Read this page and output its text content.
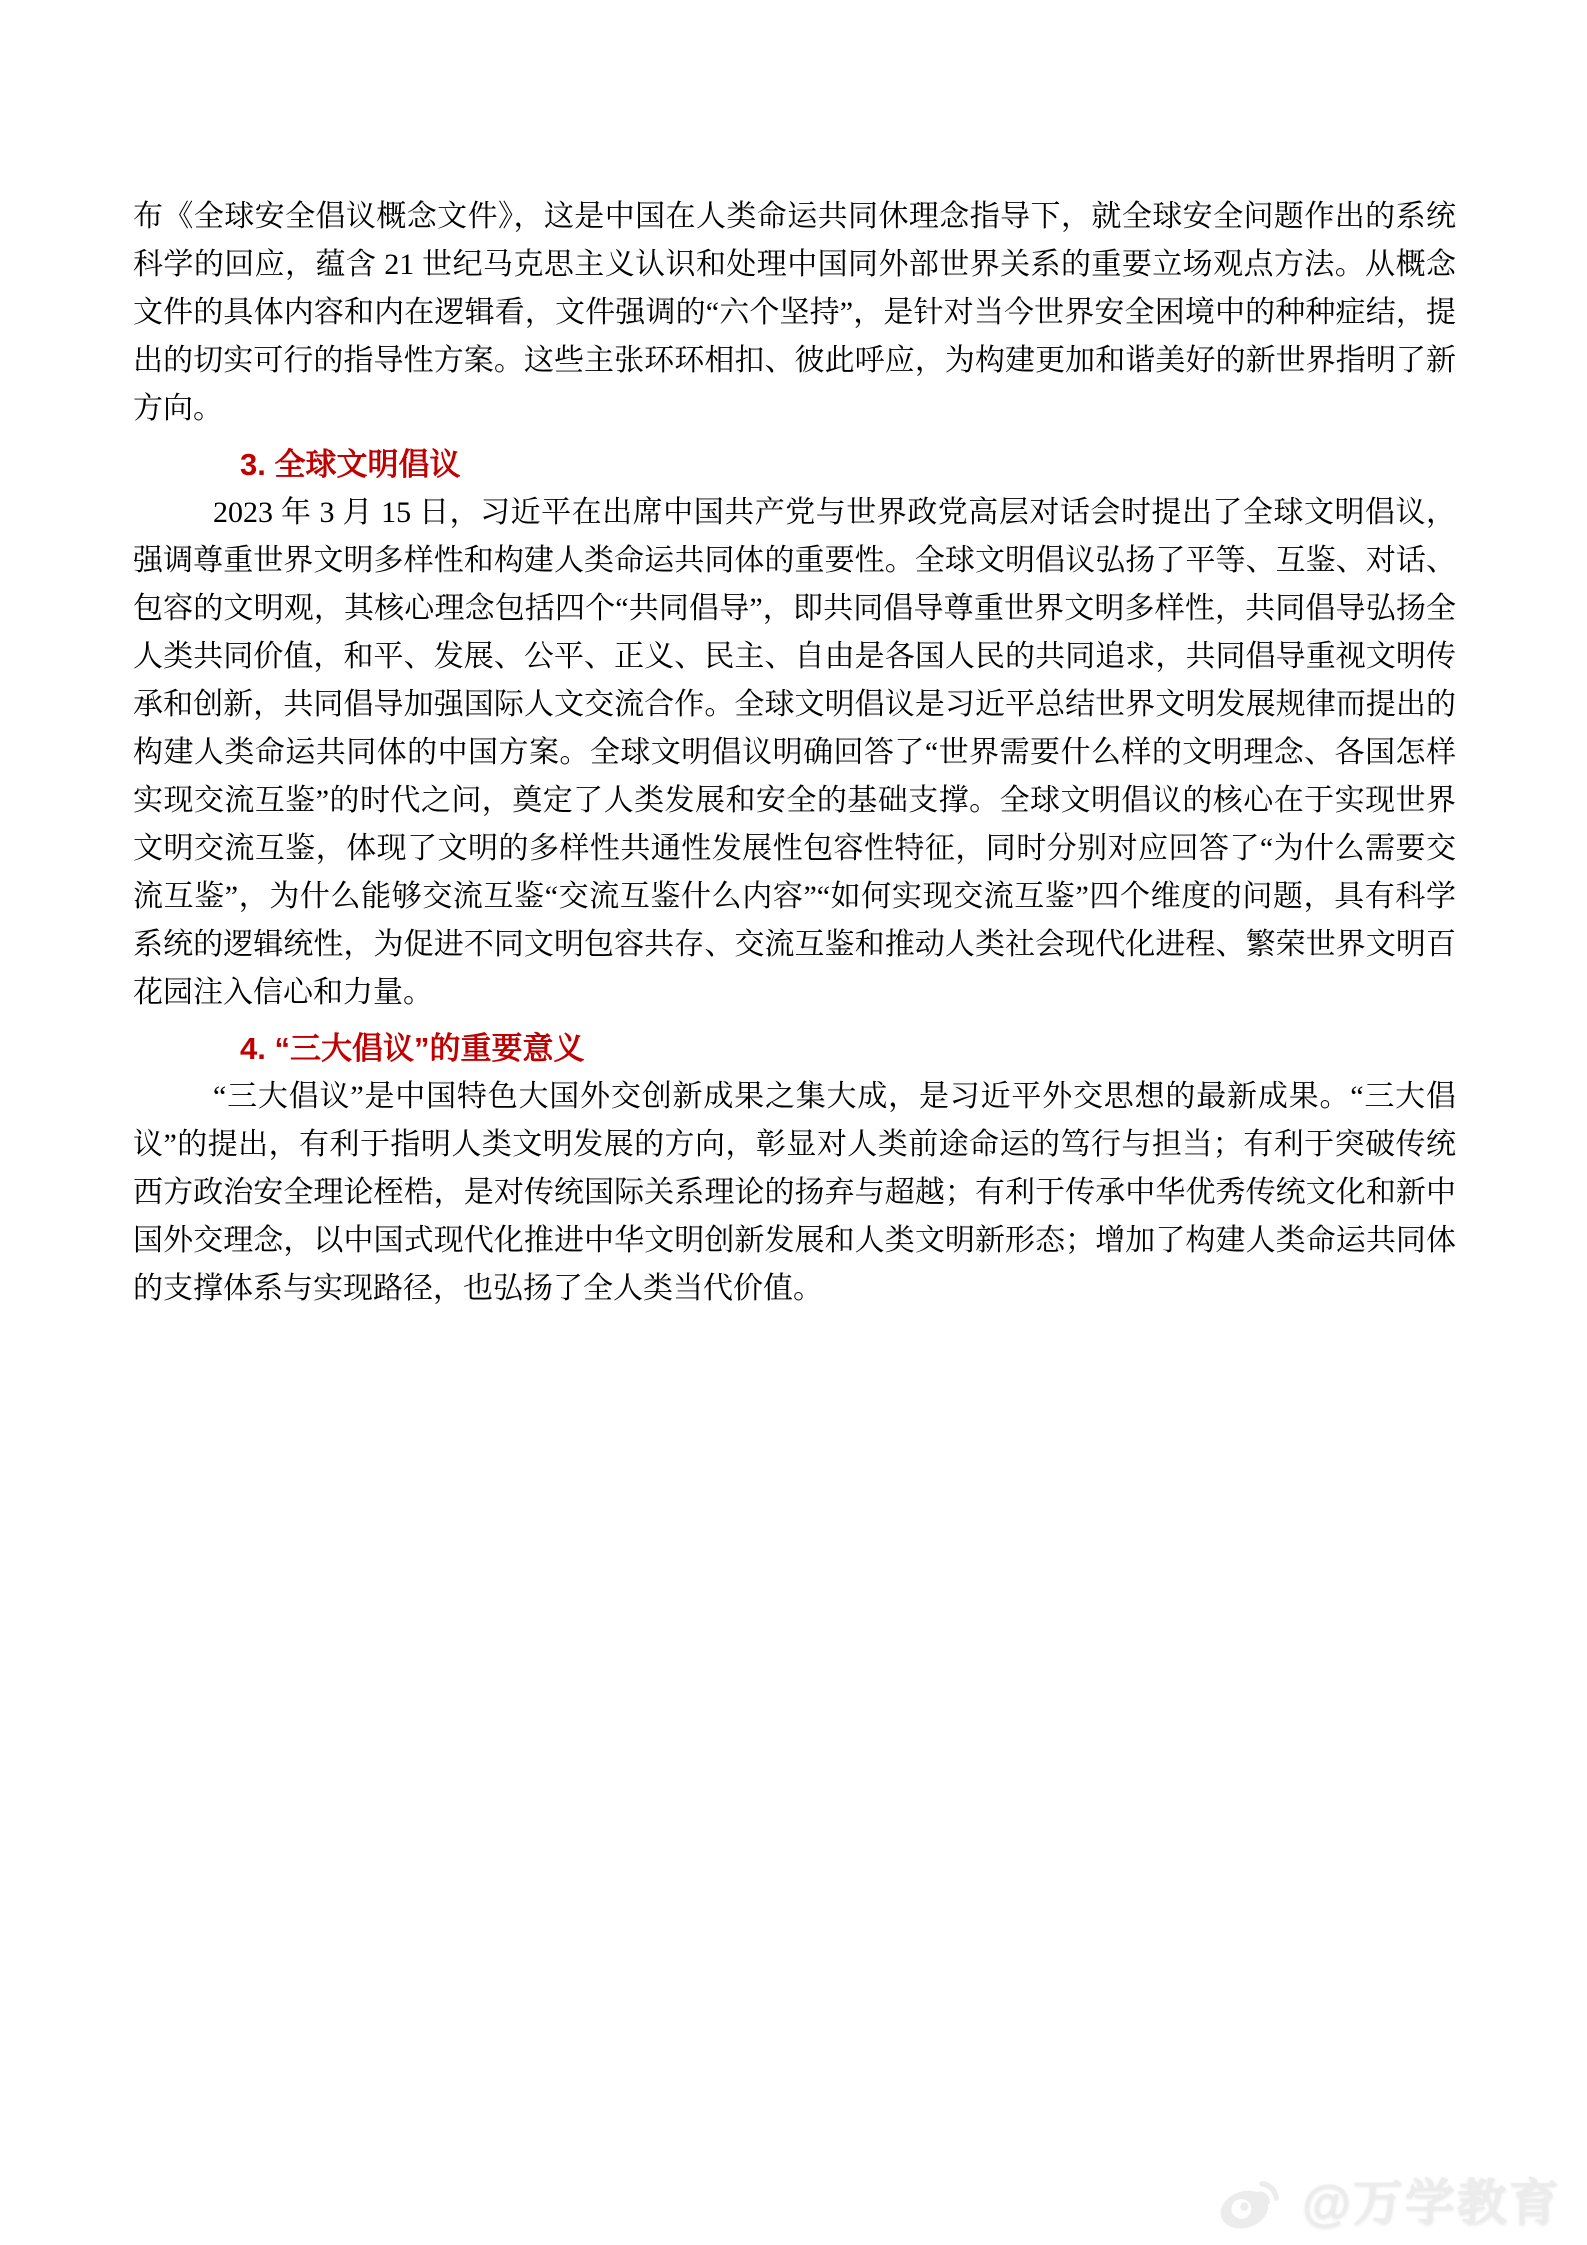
布《全球安全倡议概念文件》，这是中国在人类命运共同休理念指导下，就全球安全问题作出的系统科学的回应，蕴含 21 世纪马克思主义认识和处理中国同外部世界关系的重要立场观点方法。从概念文件的具体内容和内在逻辑看，文件强调的“六个坚持”，是针对当今世界安全困境中的种种症结，提出的切实可行的指导性方案。这些主张环环相扣、彼此呼应，为构建更加和谐美好的新世界指明了新方向。

3. 全球文明倡议

2023 年 3 月 15 日，习近平在出席中国共产党与世界政党高层对话会时提出了全球文明倡议，强调尊重世界文明多样性和构建人类命运共同体的重要性。全球文明倡议弘扬了平等、互鉴、对话、包容的文明观，其核心理念包括四个“共同倡导”，即共同倡导尊重世界文明多样性，共同倡导弘扬全人类共同价值，和平、发展、公平、正义、民主、自由是各国人民的共同追求，共同倡导重视文明传承和创新，共同倡导加强国际人文交流合作。全球文明倡议是习近平总结世界文明发展规律而提出的构建人类命运共同体的中国方案。全球文明倡议明确回答了“世界需要什么样的文明理念、各国怎样实现交流互鉴”的时代之问，奠定了人类发展和安全的基础支撑。全球文明倡议的核心在于实现世界文明交流互鉴，体现了文明的多样性共通性发展性包容性特征，同时分别对应回答了“为什么需要交流互鉴”，为什么能够交流互鉴“交流互鉴什么内容”“如何实现交流互鉴”四个维度的问题，具有科学系统的逻辑统性，为促进不同文明包容共存、交流互鉴和推动人类社会现代化进程、繁荣世界文明百花园注入信心和力量。

4. “三大倡议”的重要意义

“三大倡议”是中国特色大国外交创新成果之集大成，是习近平外交思想的最新成果。“三大倡议”的提出，有利于指明人类文明发展的方向，彰显对人类前途命运的笃行与担当；有利于突破传统西方政治安全理论桎梏，是对传统国际关系理论的扬弃与超越；有利于传承中华优秀传统文化和新中国外交理念，以中国式现代化推进中华文明创新发展和人类文明新形态；增加了构建人类命运共同体的支撑体系与实现路径，也弘扬了全人类当代价值。

@万学教育
